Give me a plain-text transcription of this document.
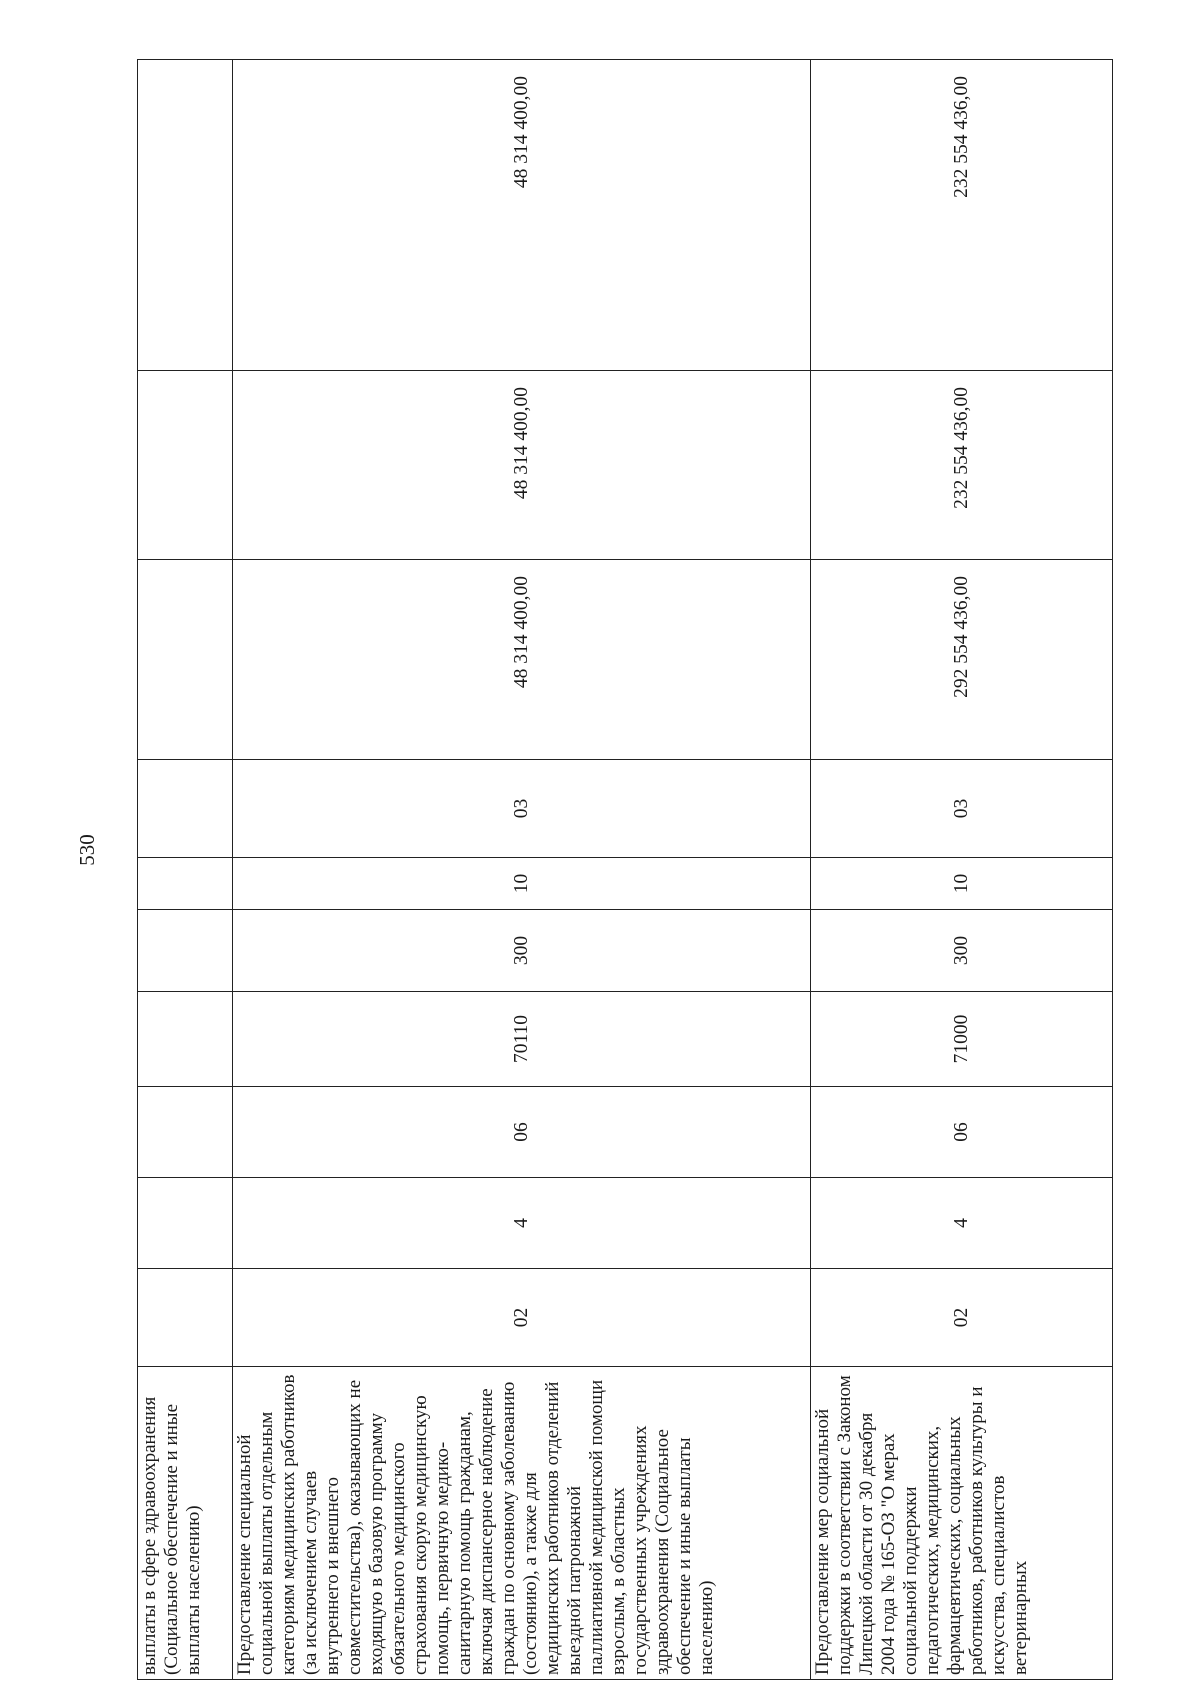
530
выплаты в сфере здравоохранения (Социальное обеспечение и иные выплаты населению)										
Предоставление специальной социальной выплаты отдельным категориям медицинских работников (за исключением случаев внутреннего и внешнего совместительства), оказывающих не входящую в базовую программу обязательного медицинского страхования скорую медицинскую помощь, первичную медико-санитарную помощь гражданам, включая диспансерное наблюдение граждан по основному заболеванию (состоянию), а также для медицинских работников отделений выездной патронажной паллиативной медицинской помощи взрослым, в областных государственных учреждениях здравоохранения (Социальное обеспечение и иные выплаты населению)	02	4	06	70110	300	10	03	48 314 400,00	48 314 400,00	48 314 400,00
Предоставление мер социальной поддержки в соответствии с Законом Липецкой области от 30 декабря 2004 года № 165-ОЗ "О мерах социальной поддержки педагогических, медицинских, фармацевтических, социальных работников, работников культуры и искусства, специалистов ветеринарных	02	4	06	71000	300	10	03	292 554 436,00	232 554 436,00	232 554 436,00
